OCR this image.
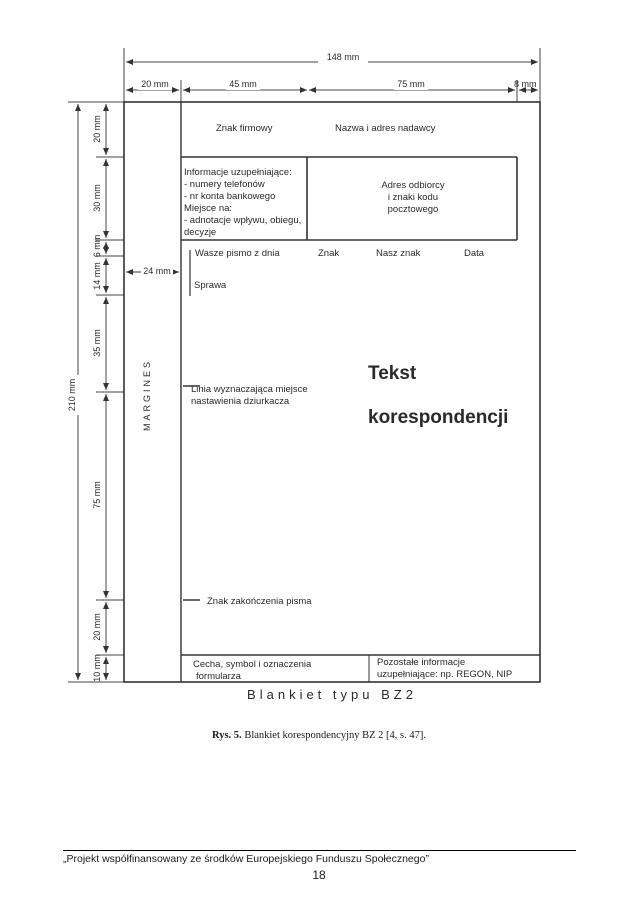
148 mm
20 mm	45 mm	75 mm	8 mm
210 mm
20 mm
30 mm
6 mm
14 mm
35 mm
75 mm
20 mm
10 mm
24 mm
Znak firmowy	Nazwa i adres nadawcy
Informacje uzupełniające:
- numery telefonów
- nr konta bankowego
Miejsce na:
- adnotacje wpływu, obiegu,
decyzje
Adres odbiorcy
i znaki kodu
pocztowego
Wasze pismo z dnia	Znak	Nasz znak	Data
Sprawa
Linia wyznaczająca miejsce
nastawienia dziurkacza
Znak zakończenia pisma
Cecha, symbol i oznaczenia
formularza
Pozostałe informacje
uzupełniające: np. REGON, NIP
MARGINES	Tekst
korespondencji
Blankiet typu BZ2
Rys. 5. Blankiet korespondencyjny BZ 2 [4, s. 47].
„Projekt współfinansowany ze środków Europejskiego Funduszu Społecznego”
18
